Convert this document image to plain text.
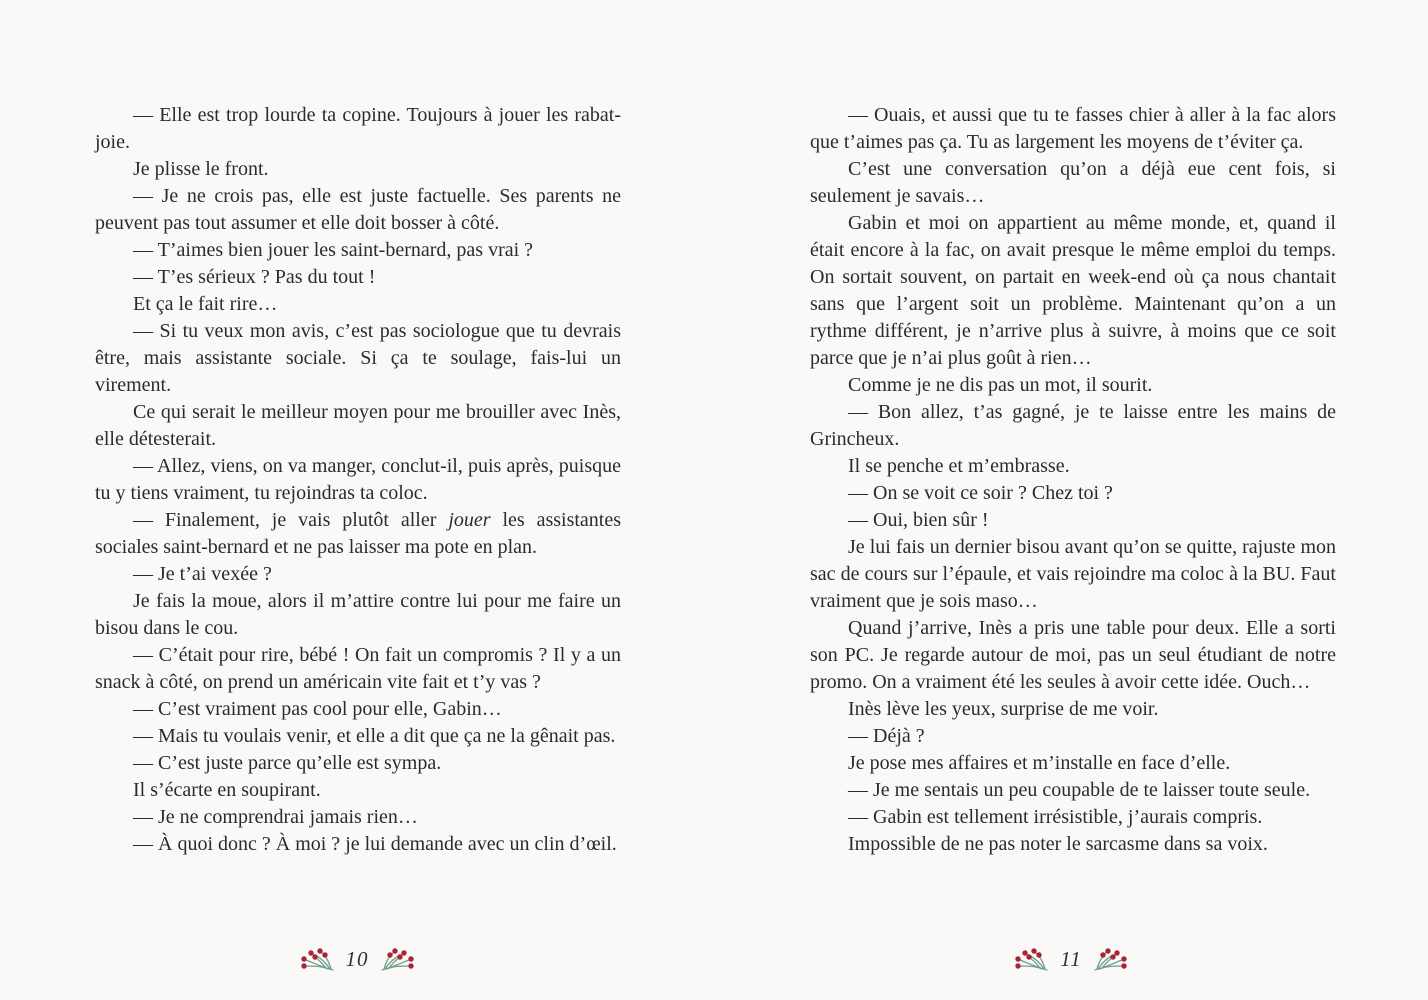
— Elle est trop lourde ta copine. Toujours à jouer les rabat-joie.

Je plisse le front.

— Je ne crois pas, elle est juste factuelle. Ses parents ne peuvent pas tout assumer et elle doit bosser à côté.

— T’aimes bien jouer les saint-bernard, pas vrai ?

— T’es sérieux ? Pas du tout !

Et ça le fait rire…

— Si tu veux mon avis, c’est pas sociologue que tu devrais être, mais assistante sociale. Si ça te soulage, fais-lui un virement.

Ce qui serait le meilleur moyen pour me brouiller avec Inès, elle détesterait.

— Allez, viens, on va manger, conclut-il, puis après, puisque tu y tiens vraiment, tu rejoindras ta coloc.

— Finalement, je vais plutôt aller jouer les assistantes sociales saint-bernard et ne pas laisser ma pote en plan.

— Je t’ai vexée ?

Je fais la moue, alors il m’attire contre lui pour me faire un bisou dans le cou.

— C’était pour rire, bébé ! On fait un compromis ? Il y a un snack à côté, on prend un américain vite fait et t’y vas ?

— C’est vraiment pas cool pour elle, Gabin…

— Mais tu voulais venir, et elle a dit que ça ne la gênait pas.

— C’est juste parce qu’elle est sympa.

Il s’écarte en soupirant.

— Je ne comprendrai jamais rien…

— À quoi donc ? À moi ? je lui demande avec un clin d’œil.

10

— Ouais, et aussi que tu te fasses chier à aller à la fac alors que t’aimes pas ça. Tu as largement les moyens de t’éviter ça.

C’est une conversation qu’on a déjà eue cent fois, si seulement je savais…

Gabin et moi on appartient au même monde, et, quand il était encore à la fac, on avait presque le même emploi du temps. On sortait souvent, on partait en week-end où ça nous chantait sans que l’argent soit un problème. Maintenant qu’on a un rythme différent, je n’arrive plus à suivre, à moins que ce soit parce que je n’ai plus goût à rien…

Comme je ne dis pas un mot, il sourit.

— Bon allez, t’as gagné, je te laisse entre les mains de Grincheux.

Il se penche et m’embrasse.

— On se voit ce soir ? Chez toi ?

— Oui, bien sûr !

Je lui fais un dernier bisou avant qu’on se quitte, rajuste mon sac de cours sur l’épaule, et vais rejoindre ma coloc à la BU. Faut vraiment que je sois maso…

Quand j’arrive, Inès a pris une table pour deux. Elle a sorti son PC. Je regarde autour de moi, pas un seul étudiant de notre promo. On a vraiment été les seules à avoir cette idée. Ouch…

Inès lève les yeux, surprise de me voir.

— Déjà ?

Je pose mes affaires et m’installe en face d’elle.

— Je me sentais un peu coupable de te laisser toute seule.

— Gabin est tellement irrésistible, j’aurais compris.

Impossible de ne pas noter le sarcasme dans sa voix.

11
